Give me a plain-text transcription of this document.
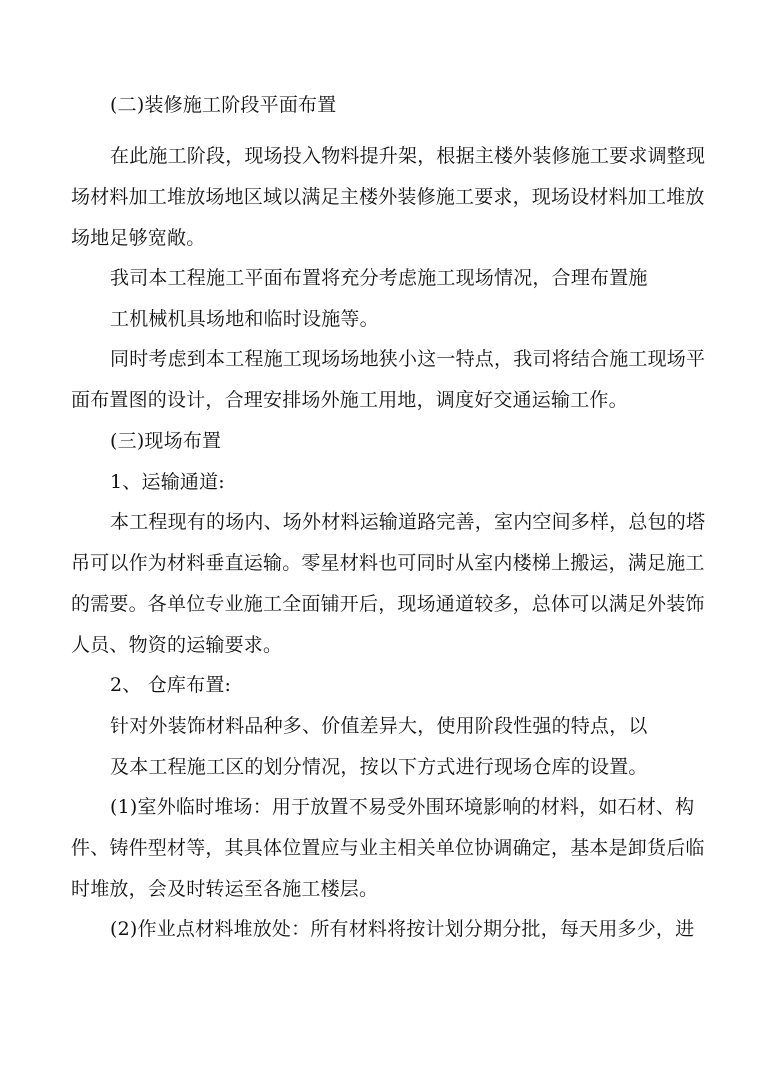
(二)装修施工阶段平面布置
在此施工阶段，现场投入物料提升架，根据主楼外装修施工要求调整现
场材料加工堆放场地区域以满足主楼外装修施工要求，现场设材料加工堆放
场地足够宽敞。
我司本工程施工平面布置将充分考虑施工现场情况，合理布置施
工机械机具场地和临时设施等。
同时考虑到本工程施工现场场地狭小这一特点，我司将结合施工现场平
面布置图的设计，合理安排场外施工用地，调度好交通运输工作。
(三)现场布置
1、运输通道:
本工程现有的场内、场外材料运输道路完善，室内空间多样，总包的塔
吊可以作为材料垂直运输。零星材料也可同时从室内楼梯上搬运，满足施工
的需要。各单位专业施工全面铺开后，现场通道较多，总体可以满足外装饰
人员、物资的运输要求。
2、 仓库布置:
针对外装饰材料品种多、价值差异大，使用阶段性强的特点，以
及本工程施工区的划分情况，按以下方式进行现场仓库的设置。
(1)室外临时堆场：用于放置不易受外围环境影响的材料，如石材、构
件、铸件型材等，其具体位置应与业主相关单位协调确定，基本是卸货后临
时堆放，会及时转运至各施工楼层。
(2)作业点材料堆放处：所有材料将按计划分期分批，每天用多少，进
